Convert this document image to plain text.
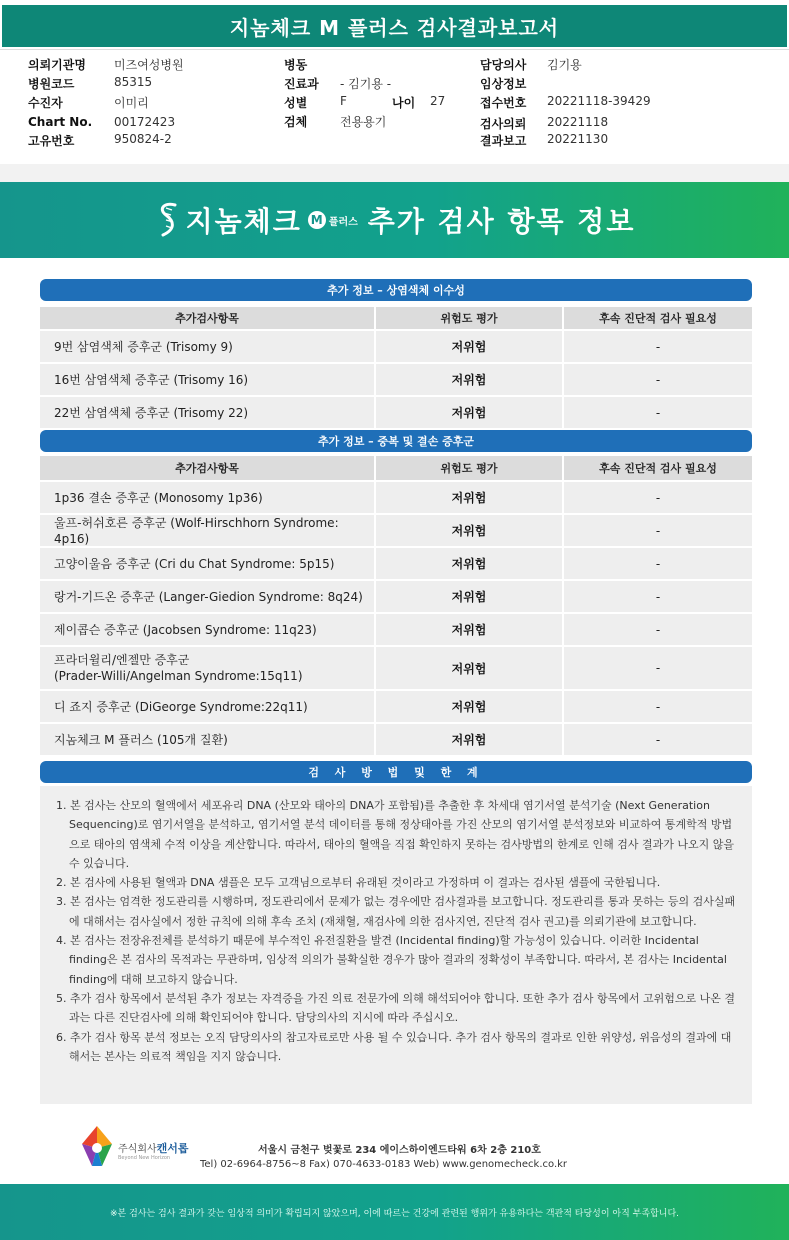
지놈체크 M 플러스 검사결과보고서
의뢰기관명 미즈여성병원
병원코드	85315
수진자	이미리
Chart No. 00172423
고유번호	950824-2
병동
진료과 - 김기용 -
성별	F	나이 27
검체	전용용기
담당의사 김기용
임상정보
접수번호 20221118-39429
검사의뢰 20221118
결과보고 20221130
지놈체크 M 플러스 추가 검사 항목 정보
추가 정보 – 상염색체 이수성
추가검사항목	위험도 평가	후속 진단적 검사 필요성
9번 삼염색체 증후군 (Trisomy 9)	저위험	-
16번 삼염색체 증후군 (Trisomy 16)	저위험	-
22번 삼염색체 증후군 (Trisomy 22)	저위험	-
추가 정보 – 중복 및 결손 증후군
추가검사항목	위험도 평가	후속 진단적 검사 필요성
1p36 결손 증후군 (Monosomy 1p36)	저위험	-
울프-허쉬호른 증후군 (Wolf-Hirschhorn Syndrome: 4p16)
저위험	-
고양이울음 증후군 (Cri du Chat Syndrome: 5p15)	저위험	-
랑거-기드온 증후군 (Langer-Giedion Syndrome: 8q24)	저위험	-
제이콥슨 증후군 (Jacobsen Syndrome: 11q23)	저위험	-
프라더윌리/엔젤만 증후군
(Prader-Willi/Angelman Syndrome:15q11)
저위험	-
디 죠지 증후군 (DiGeorge Syndrome:22q11)	저위험	-
지놈체크 M 플러스 (105개 질환)	저위험	-
검 사 방 법 및 한 계
1. 본 검사는 산모의 혈액에서 세포유리 DNA (산모와 태아의 DNA가 포함됨)를 추출한 후 차세대 염기서열 분석기술 (Next Generation Sequencing)로 염기서열을 분석하고, 염기서열 분석 데이터를 통해 정상태아를 가진 산모의 염기서열 분석정보와 비교하여 통계학적 방법으로 태아의 염색체 수적 이상을 계산합니다. 따라서, 태아의 혈액을 직접 확인하지 못하는 검사방법의 한계로 인해 검사 결과가 나오지 않을 수 있습니다.
2. 본 검사에 사용된 혈액과 DNA 샘플은 모두 고객님으로부터 유래된 것이라고 가정하며 이 결과는 검사된 샘플에 국한됩니다.
3. 본 검사는 엄격한 정도관리를 시행하며, 정도관리에서 문제가 없는 경우에만 검사결과를 보고합니다. 정도관리를 통과 못하는 등의 검사실패에 대해서는 검사실에서 정한 규칙에 의해 후속 조치 (재채혈, 재검사에 의한 검사지연, 진단적 검사 권고)를 의뢰기관에 보고합니다.
4. 본 검사는 전장유전체를 분석하기 때문에 부수적인 유전질환을 발견 (Incidental finding)할 가능성이 있습니다. 이러한 Incidental finding은 본 검사의 목적과는 무관하며, 임상적 의의가 불확실한 경우가 많아 결과의 정확성이 부족합니다. 따라서, 본 검사는 Incidental finding에 대해 보고하지 않습니다.
5. 추가 검사 항목에서 분석된 추가 정보는 자격증을 가진 의료 전문가에 의해 해석되어야 합니다. 또한 추가 검사 항목에서 고위험으로 나온 결과는 다른 진단검사에 의해 확인되어야 합니다. 담당의사의 지시에 따라 주십시오.
6. 추가 검사 항목 분석 정보는 오직 담당의사의 참고자료로만 사용 될 수 있습니다. 추가 검사 항목의 결과로 인한 위양성, 위음성의 결과에 대해서는 본사는 의료적 책임을 지지 않습니다.
주식회사캔서롭
Beyond New Horizon
서울시 금천구 벚꽃로 234 에이스하이엔드타워 6차 2층 210호
Tel) 02-6964-8756~8 Fax) 070-4633-0183 Web) www.genomecheck.co.kr
※본 검사는 검사 결과가 갖는 임상적 의미가 확립되지 않았으며, 이에 따르는 건강에 관련된 행위가 유용하다는 객관적 타당성이 아직 부족합니다.
